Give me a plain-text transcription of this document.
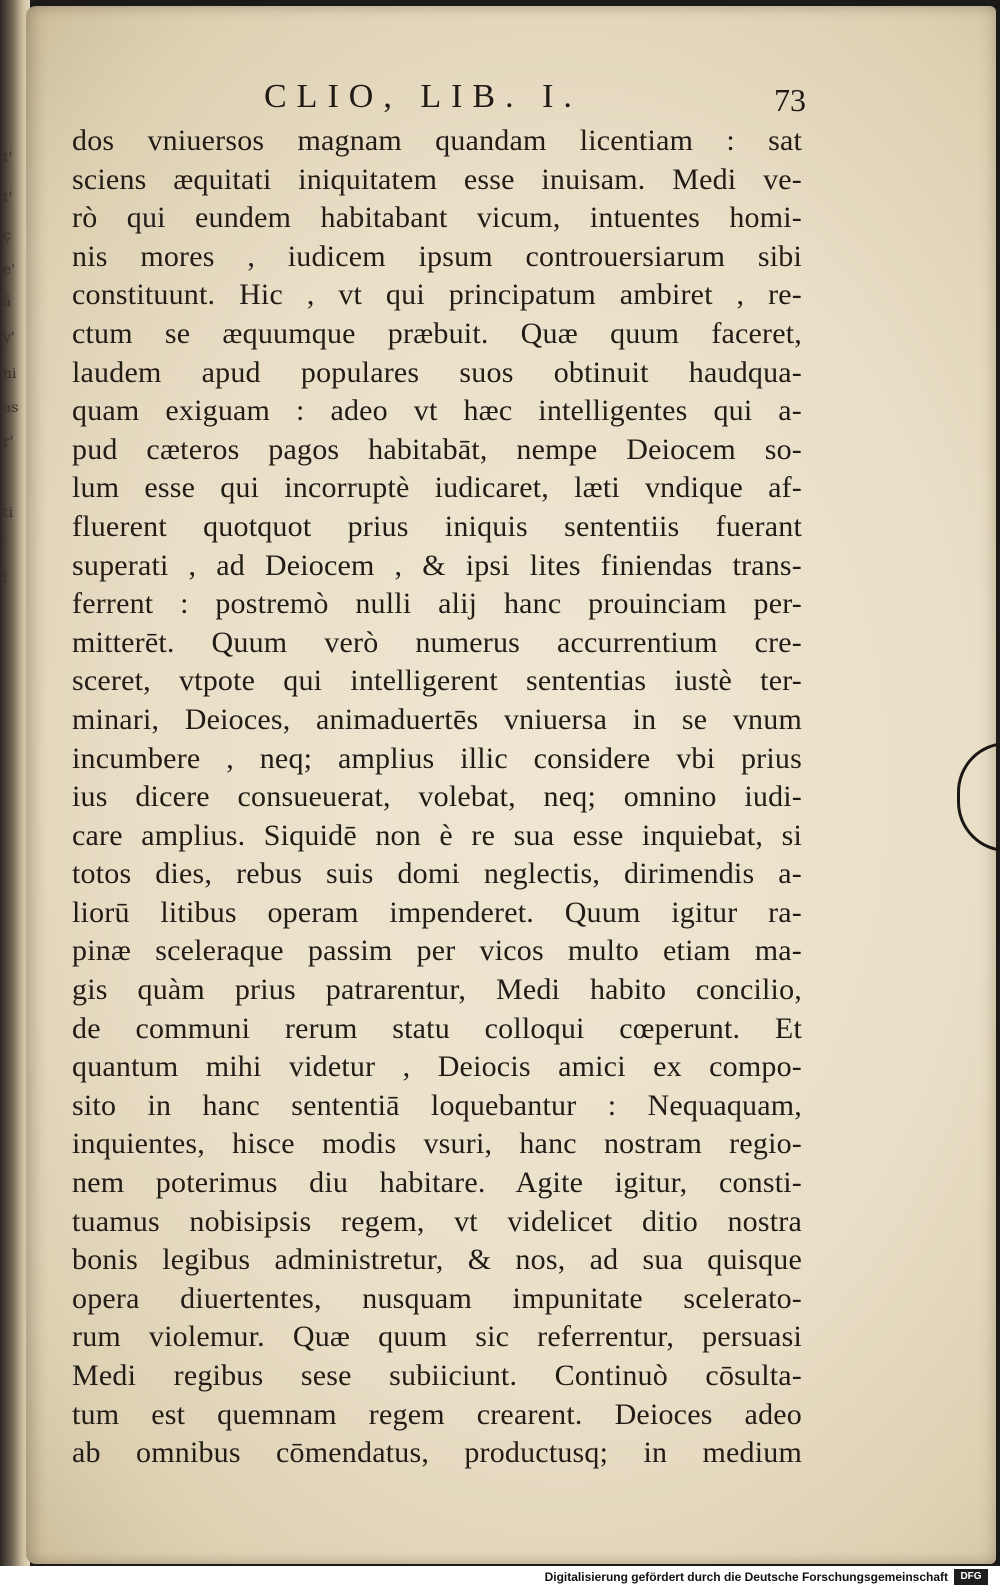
t'
t'
ç
e'
ä
y'
ni
as
r'
ti
'
i
CLIO, LIB. I.	73
dos vniuersos magnam quandam licentiam : sat
sciens æquitati iniquitatem esse inuisam. Medi ve-
rò qui eundem habitabant vicum, intuentes homi-
nis mores , iudicem ipsum controuersiarum sibi
constituunt. Hic , vt qui principatum ambiret , re-
ctum se æquumque præbuit. Quæ quum faceret,
laudem apud populares suos obtinuit haudqua-
quam exiguam : adeo vt hæc intelligentes qui a-
pud cæteros pagos habitabāt, nempe Deiocem so-
lum esse qui incorruptè iudicaret, læti vndique af-
fluerent quotquot prius iniquis sententiis fuerant
superati , ad Deiocem , & ipsi lites finiendas trans-
ferrent : postremò nulli alij hanc prouinciam per-
mitterēt. Quum verò numerus accurrentium cre-
sceret, vtpote qui intelligerent sententias iustè ter-
minari, Deioces, animaduertēs vniuersa in se vnum
incumbere , neq; amplius illic considere vbi prius
ius dicere consueuerat, volebat, neq; omnino iudi-
care amplius. Siquidē non è re sua esse inquiebat, si
totos dies, rebus suis domi neglectis, dirimendis a-
liorū litibus operam impenderet. Quum igitur ra-
pinæ sceleraque passim per vicos multo etiam ma-
gis quàm prius patrarentur, Medi habito concilio,
de communi rerum statu colloqui cœperunt. Et
quantum mihi videtur , Deiocis amici ex compo-
sito in hanc sententiā loquebantur : Nequaquam,
inquientes, hisce modis vsuri, hanc nostram regio-
nem poterimus diu habitare. Agite igitur, consti-
tuamus nobisipsis regem, vt videlicet ditio nostra
bonis legibus administretur, & nos, ad sua quisque
opera diuertentes, nusquam impunitate scelerato-
rum violemur. Quæ quum sic referrentur, persuasi
Medi regibus sese subiiciunt. Continuò cōsulta-
tum est quemnam regem crearent. Deioces adeo
ab omnibus cōmendatus, productusq; in medium
Digitalisierung gefördert durch die Deutsche Forschungsgemeinschaft	DFG
